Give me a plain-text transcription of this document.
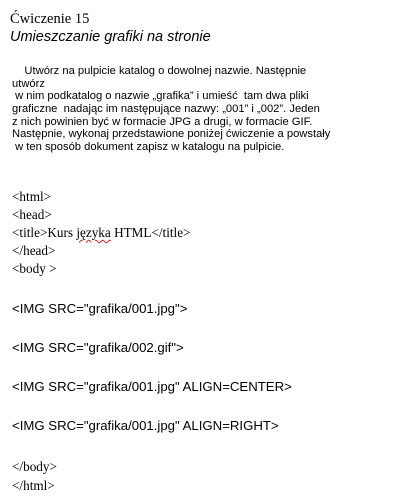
Ćwiczenie 15
Umieszczanie grafiki na stronie
Utwórz na pulpicie katalog o dowolnej nazwie. Następnie
utwórz
w nim podkatalog o nazwie „grafika” i umieść  tam dwa pliki
graficzne  nadając im następujące nazwy: „001” i „002”. Jeden
z nich powinien być w formacie JPG a drugi, w formacie GIF.
Następnie, wykonaj przedstawione poniżej ćwiczenie a powstały
w ten sposób dokument zapisz w katalogu na pulpicie.
<html>
<head>
<title>Kurs języka HTML</title>
</head>
<body >
<IMG SRC="grafika/001.jpg">
<IMG SRC="grafika/002.gif">
<IMG SRC="grafika/001.jpg" ALIGN=CENTER>
<IMG SRC="grafika/001.jpg" ALIGN=RIGHT>
</body>
</html>
